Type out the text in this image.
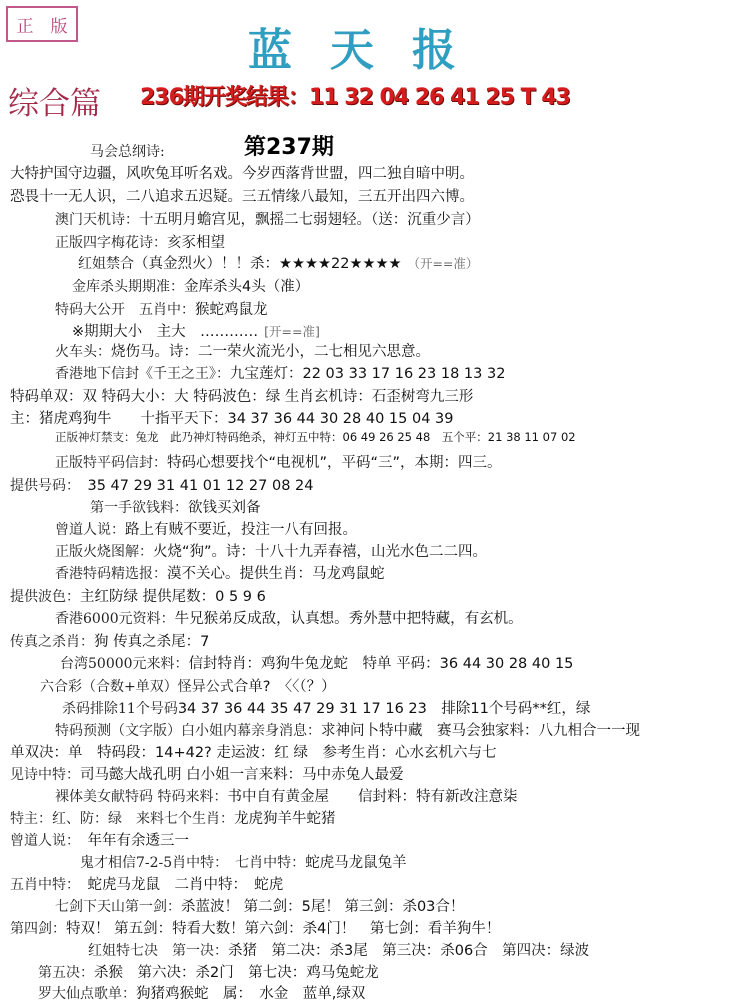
正　版	蓝天报
综合篇 236期开奖结果：11 32 04 26 41 25 T 43
第237期
马会总纲诗:
大特护国守边疆，风吹兔耳听名戏。今岁西落背世盟，四二独自暗中明。
恐畏十一无人识，二八追求五迟疑。三五情缘八最知，三五开出四六博。
澳门天机诗：十五明月蟾宫见，飘摇二七弱翅轻。（送：沉重少言）
正版四字梅花诗：亥豕相望
红姐禁合（真金烈火）！！杀：★★★★22★★★★ （开==准）
金库杀头期期准：金库杀头4头（准）
特码大公开　五肖中：猴蛇鸡鼠龙
※期期大小　主大　………… [开==准]
火车头：烧伤马。诗：二一荣火流光小，二七相见六思意。
香港地下信封《千王之王》：九宝莲灯：22 03 33 17 16 23 18 13 32
特码单双：双 特码大小：大 特码波色：绿 生肖玄机诗：石歪树弯九三形
主：猪虎鸡狗牛　　十指平天下：34 37 36 44 30 28 40 15 04 39
正版神灯禁支：兔龙　此乃神灯特码绝杀，神灯五中特：06 49 26 25 48　五个平：21 38 11 07 02
正版特平码信封：特码心想要找个“电视机”，平码“三”，本期：四三。
提供号码：　35 47 29 31 41 01 12 27 08 24
第一手欲钱料：欲钱买刘备
曾道人说：路上有贼不要近，投注一八有回报。
正版火烧图解：火烧“狗”。诗：十八十九弄春禧，山光水色二二四。
香港特码精选报：漠不关心。提供生肖：马龙鸡鼠蛇
提供波色：主红防绿 提供尾数：0 5 9 6
香港6000元资料：牛兄猴弟反成敌，认真想。秀外慧中把特藏，有玄机。
传真之杀肖：狗 传真之杀尾：7
台湾50000元来料：信封特肖：鸡狗牛兔龙蛇　特单 平码：36 44 30 28 40 15
六合彩（合数+单双）怪异公式合单?　〈〈（？）
杀码排除11个号码34 37 36 44 35 47 29 31 17 16 23　排除11个号码**红，绿
特码预测（文字版）白小姐内幕亲身消息：求神问卜特中藏　赛马会独家料：八九相合一一现
单双决：单　特码段：14+42? 走运波：红 绿　参考生肖：心水玄机六与七
见诗中特：司马懿大战孔明 白小姐一言来料：马中赤兔人最爱
裸体美女献特码 特码来料：书中自有黄金屋　　信封料：特有新改注意柒
特主：红、防：绿　来料七个生肖：龙虎狗羊牛蛇猪
曾道人说：　年年有余透三一
鬼才相信7-2-5肖中特：　七肖中特：蛇虎马龙鼠兔羊
五肖中特：　蛇虎马龙鼠　二肖中特：　蛇虎
七剑下天山第一剑：杀蓝波！ 第二剑：5尾！ 第三剑：杀03合！
第四剑：特双！ 第五剑：特看大数！第六剑：杀4门！　第七剑：看羊狗牛！
红姐特七决　第一决：杀猪　第二决：杀3尾　第三决：杀06合　第四决：绿波
第五决：杀猴　第六决：杀2门　第七决：鸡马兔蛇龙
罗大仙点歌单：狗猪鸡猴蛇　属：　水金　蓝单,绿双
